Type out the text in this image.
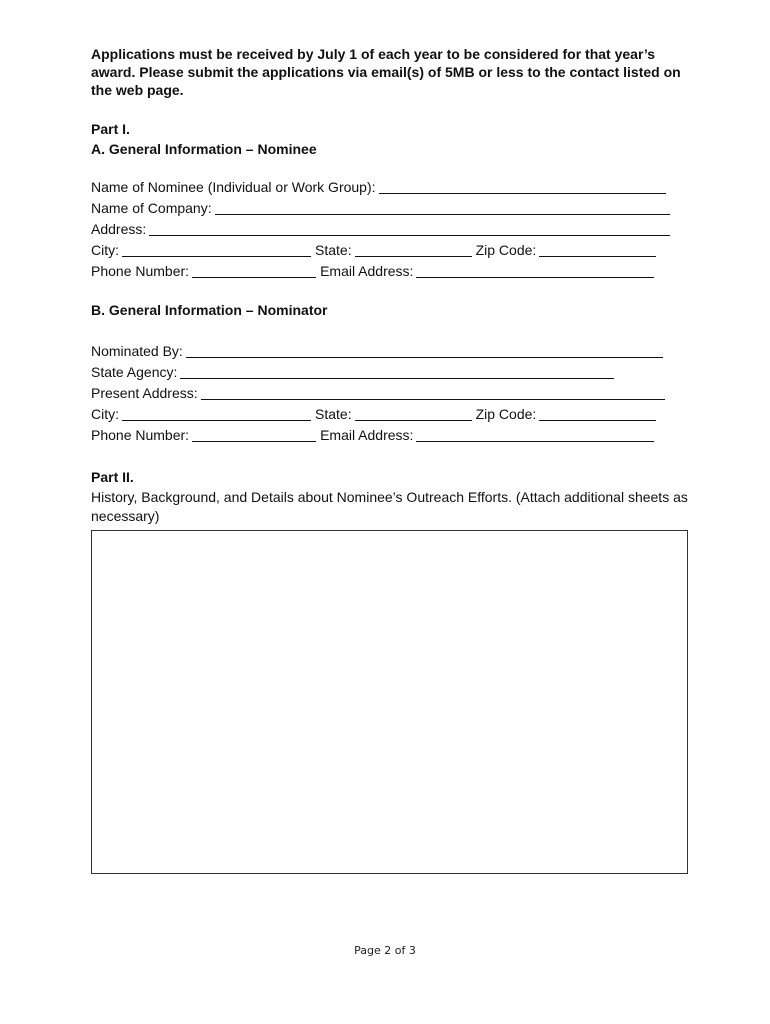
Applications must be received by July 1 of each year to be considered for that year’s award. Please submit the applications via email(s) of 5MB or less to the contact listed on the web page.
Part I.
A. General Information – Nominee
Name of Nominee (Individual or Work Group):
Name of Company:
Address:
City:	State:	Zip Code:
Phone Number:	Email Address:
B. General Information – Nominator
Nominated By:
State Agency:
Present Address:
City:	State:	Zip Code:
Phone Number:	Email Address:
Part II.
History, Background, and Details about Nominee’s Outreach Efforts. (Attach additional sheets as necessary)
Page 2 of 3
